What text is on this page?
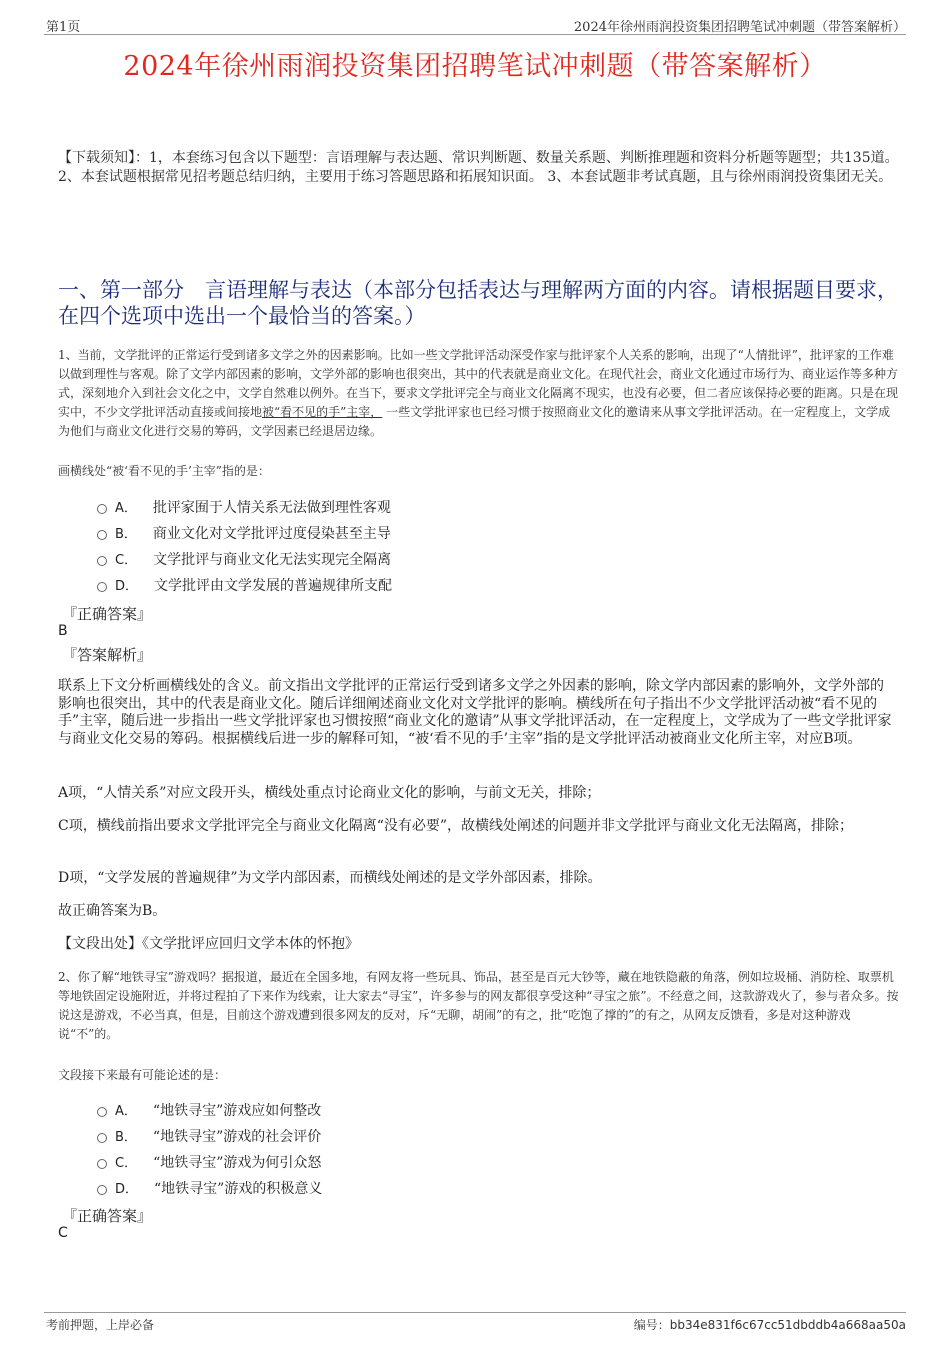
第1页	2024年徐州雨润投资集团招聘笔试冲刺题（带答案解析）
2024年徐州雨润投资集团招聘笔试冲刺题（带答案解析）
【下载须知】：1，本套练习包含以下题型：言语理解与表达题、常识判断题、数量关系题、判断推理题和资料分析题等题型；共135道。 2、本套试题根据常见招考题总结归纳，主要用于练习答题思路和拓展知识面。 3、本套试题非考试真题，且与徐州雨润投资集团无关。
一、第一部分　言语理解与表达（本部分包括表达与理解两方面的内容。请根据题目要求，在四个选项中选出一个最恰当的答案。）
1、当前，文学批评的正常运行受到诸多文学之外的因素影响。比如一些文学批评活动深受作家与批评家个人关系的影响，出现了“人情批评”，批评家的工作难以做到理性与客观。除了文学内部因素的影响，文学外部的影响也很突出，其中的代表就是商业文化。在现代社会，商业文化通过市场行为、商业运作等多种方式，深刻地介入到社会文化之中，文学自然难以例外。在当下，要求文学批评完全与商业文化隔离不现实，也没有必要，但二者应该保持必要的距离。只是在现实中，不少文学批评活动直接或间接地被“看不见的手”主宰， 一些文学批评家也已经习惯于按照商业文化的邀请来从事文学批评活动。在一定程度上，文学成为他们与商业文化进行交易的筹码，文学因素已经退居边缘。
画横线处“被‘看不见的手’主宰”指的是：
A． 批评家囿于人情关系无法做到理性客观
B． 商业文化对文学批评过度侵染甚至主导
C． 文学批评与商业文化无法实现完全隔离
D． 文学批评由文学发展的普遍规律所支配
『正确答案』
B
『答案解析』
联系上下文分析画横线处的含义。前文指出文学批评的正常运行受到诸多文学之外因素的影响，除文学内部因素的影响外，文学外部的影响也很突出，其中的代表是商业文化。随后详细阐述商业文化对文学批评的影响。横线所在句子指出不少文学批评活动被“看不见的手”主宰，随后进一步指出一些文学批评家也习惯按照“商业文化的邀请”从事文学批评活动，在一定程度上，文学成为了一些文学批评家与商业文化交易的筹码。根据横线后进一步的解释可知，“被‘看不见的手’主宰”指的是文学批评活动被商业文化所主宰，对应B项。
A项，“人情关系”对应文段开头，横线处重点讨论商业文化的影响，与前文无关，排除；
C项，横线前指出要求文学批评完全与商业文化隔离“没有必要”，故横线处阐述的问题并非文学批评与商业文化无法隔离，排除；
D项，“文学发展的普遍规律”为文学内部因素，而横线处阐述的是文学外部因素，排除。
故正确答案为B。
【文段出处】《文学批评应回归文学本体的怀抱》
2、你了解“地铁寻宝”游戏吗？据报道，最近在全国多地，有网友将一些玩具、饰品，甚至是百元大钞等，藏在地铁隐蔽的角落，例如垃圾桶、消防栓、取票机等地铁固定设施附近，并将过程拍了下来作为线索，让大家去“寻宝”，许多参与的网友都很享受这种“寻宝之旅”。不经意之间，这款游戏火了，参与者众多。按说这是游戏，不必当真，但是，目前这个游戏遭到很多网友的反对，斥“无聊，胡闹”的有之，批“吃饱了撑的”的有之，从网友反馈看，多是对这种游戏说“不”的。
文段接下来最有可能论述的是：
A． “地铁寻宝”游戏应如何整改
B． “地铁寻宝”游戏的社会评价
C． “地铁寻宝”游戏为何引众怒
D． “地铁寻宝”游戏的积极意义
『正确答案』
C
考前押题，上岸必备	编号：bb34e831f6c67cc51dbddb4a668aa50a
